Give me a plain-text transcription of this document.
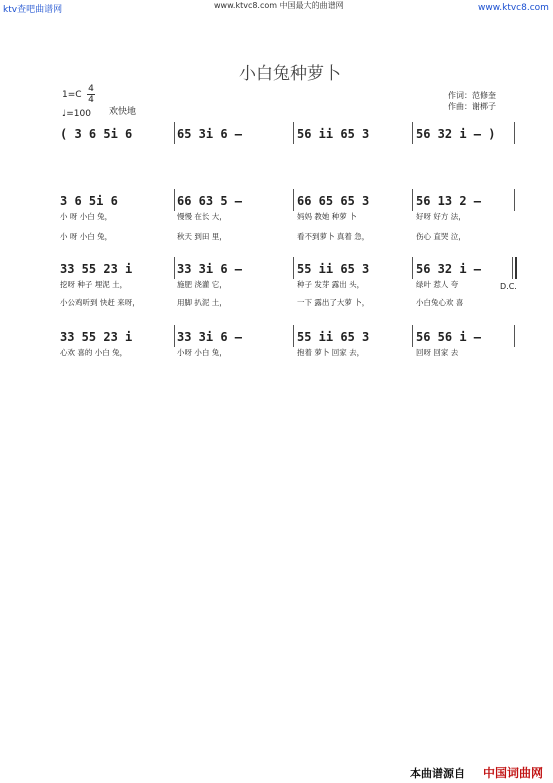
ktv查吧曲谱网	www.ktvc8.com 中国最大的曲谱网	www.ktvc8.com
小白兔种萝卜
1=C
4
4
♩=100 欢快地
作词：范修奎
作曲：谢梆子
( 3 6 5i 6	65 3i 6 —	56 ii 65 3	56 32 i — )
3 6 5i 6	66 63 5 —	66 65 65 3	56 13 2 —
小 呀 小白 兔，	慢慢 在长 大，	妈妈 教她 种萝 卜	好呀 好方 法，
小 呀 小白 兔，	秋天 到田 里，	看不到萝卜 真着 急，	伤心 直哭 泣，
33 55 23 i	33 3i 6 —	55 ii 65 3	56 32 i —
挖呀 种子 埋泥 土，	施肥 浇灌 它，	种子 发芽 露出 头，	绿叶 惹人 夸	D.C.
小公鸡听到 快赶 来呀，	用脚 扒泥 土，	一下 露出了大萝 卜，	小白兔心欢 喜
33 55 23 i	33 3i 6 —	55 ii 65 3	56 56 i —
心欢 喜的 小白 兔，	小呀 小白 兔，	抱着 萝卜 回家 去，	回呀 回家 去
本曲谱源自 中国词曲网
